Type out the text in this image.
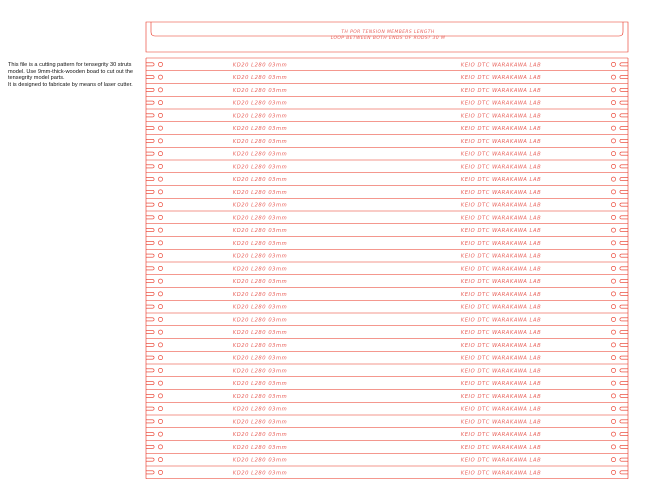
This file is a cutting pattern for tensegrity 30 struts model. Use 9mm-thick-wooden boad to cut out the tensegrity model parts.

It is designed to fabricate by means of laser cutter.

TH POR TENSION MEMBERS LENGTH
LOOP BETWEEN BOTH ENDS OF RODS? 30 M
KD20 L280 03mm	KEIO DTC WARAKAWA LAB
KD20 L280 03mm	KEIO DTC WARAKAWA LAB
KD20 L280 03mm	KEIO DTC WARAKAWA LAB
KD20 L280 03mm	KEIO DTC WARAKAWA LAB
KD20 L280 03mm	KEIO DTC WARAKAWA LAB
KD20 L280 03mm	KEIO DTC WARAKAWA LAB
KD20 L280 03mm	KEIO DTC WARAKAWA LAB
KD20 L280 03mm	KEIO DTC WARAKAWA LAB
KD20 L280 03mm	KEIO DTC WARAKAWA LAB
KD20 L280 03mm	KEIO DTC WARAKAWA LAB
KD20 L280 03mm	KEIO DTC WARAKAWA LAB
KD20 L280 03mm	KEIO DTC WARAKAWA LAB
KD20 L280 03mm	KEIO DTC WARAKAWA LAB
KD20 L280 03mm	KEIO DTC WARAKAWA LAB
KD20 L280 03mm	KEIO DTC WARAKAWA LAB
KD20 L280 03mm	KEIO DTC WARAKAWA LAB
KD20 L280 03mm	KEIO DTC WARAKAWA LAB
KD20 L280 03mm	KEIO DTC WARAKAWA LAB
KD20 L280 03mm	KEIO DTC WARAKAWA LAB
KD20 L280 03mm	KEIO DTC WARAKAWA LAB
KD20 L280 03mm	KEIO DTC WARAKAWA LAB
KD20 L280 03mm	KEIO DTC WARAKAWA LAB
KD20 L280 03mm	KEIO DTC WARAKAWA LAB
KD20 L280 03mm	KEIO DTC WARAKAWA LAB
KD20 L280 03mm	KEIO DTC WARAKAWA LAB
KD20 L280 03mm	KEIO DTC WARAKAWA LAB
KD20 L280 03mm	KEIO DTC WARAKAWA LAB
KD20 L280 03mm	KEIO DTC WARAKAWA LAB
KD20 L280 03mm	KEIO DTC WARAKAWA LAB
KD20 L280 03mm	KEIO DTC WARAKAWA LAB
KD20 L280 03mm	KEIO DTC WARAKAWA LAB
KD20 L280 03mm	KEIO DTC WARAKAWA LAB
KD20 L280 03mm	KEIO DTC WARAKAWA LAB
